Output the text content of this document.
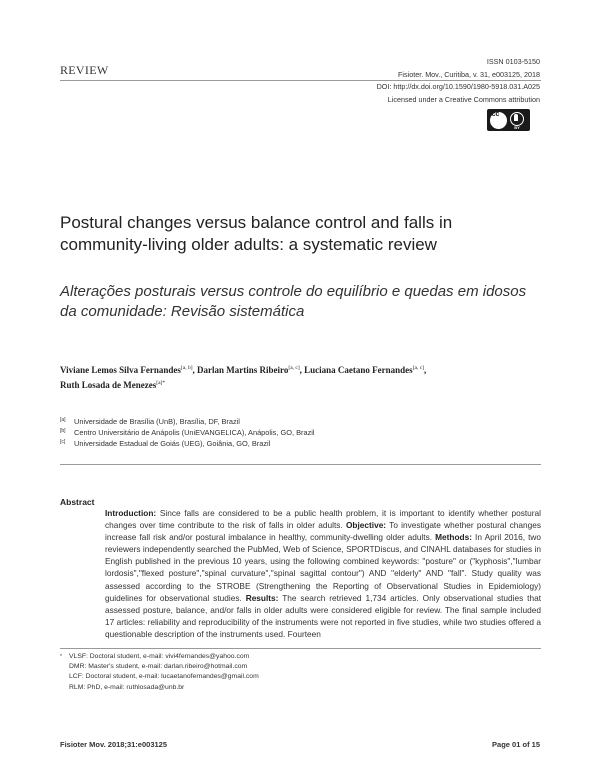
REVIEW
ISSN 0103-5150
Fisioter. Mov., Curitiba, v. 31, e003125, 2018
DOI: http://dx.doi.org/10.1590/1980-5918.031.A025
Licensed under a Creative Commons attribution
cc
BY
Postural changes versus balance control and falls in community-living older adults: a systematic review
Alterações posturais versus controle do equilíbrio e quedas em idosos da comunidade: Revisão sistemática
Viviane Lemos Silva Fernandes[a, b], Darlan Martins Ribeiro[a, c], Luciana Caetano Fernandes[a, c],
Ruth Losada de Menezes$^{[a]*}$
[a] Universidade de Brasília (UnB), Brasília, DF, Brazil
[b] Centro Universitário de Anápolis (UniEVANGELICA), Anápolis, GO, Brazil
[c] Universidade Estadual de Goiás (UEG), Goiânia, GO, Brazil
Abstract
Introduction: Since falls are considered to be a public health problem, it is important to identify whether postural changes over time contribute to the risk of falls in older adults. Objective: To investigate whether postural changes increase fall risk and/or postural imbalance in healthy, community-dwelling older adults. Methods: In April 2016, two reviewers independently searched the PubMed, Web of Science, SPORTDiscus, and CINAHL databases for studies in English published in the previous 10 years, using the following combined keywords: "posture" or ("kyphosis","lumbar lordosis","flexed posture","spinal curvature","spinal sagittal contour") AND "elderly" AND "fall". Study quality was assessed according to the STROBE (Strengthening the Reporting of Observational Studies in Epidemiology) guidelines for observational studies. Results: The search retrieved 1,734 articles. Only observational studies that assessed posture, balance, and/or falls in older adults were considered eligible for review. The final sample included 17 articles: reliability and reproducibility of the instruments were not reported in five studies, while two studies offered a questionable description of the instruments used. Fourteen
*	VLSF: Doctoral student, e-mail: vivi4fernandes@yahoo.com
DMR: Master's student, e-mail: darlan.ribeiro@hotmail.com
LCF: Doctoral student, e-mail: lucaetanofernandes@gmail.com
RLM: PhD, e-mail: ruthlosada@unb.br
Fisioter Mov. 2018;31:e003125	Page 01 of 15
